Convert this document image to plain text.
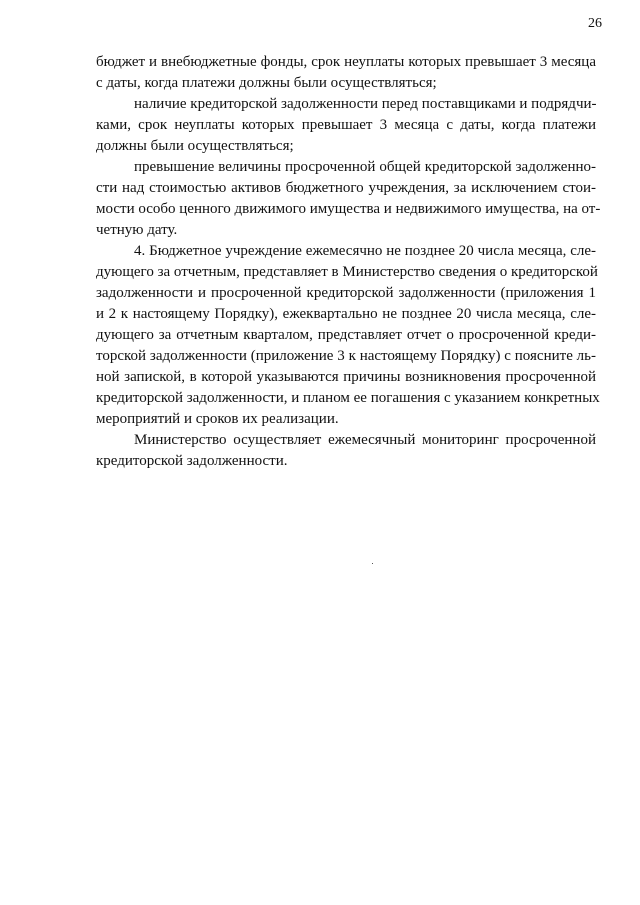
26
бюджет и внебюджетные фонды, срок неуплаты которых превышает 3 месяца
с даты, когда платежи должны были осуществляться;
наличие кредиторской задолженности перед поставщиками и подрядчи-
ками, срок неуплаты которых превышает 3 месяца с даты, когда платежи
должны были осуществляться;
превышение величины просроченной общей кредиторской задолженно-
сти над стоимостью активов бюджетного учреждения, за исключением стои-
мости особо ценного движимого имущества и недвижимого имущества, на от-
четную дату.
4. Бюджетное учреждение ежемесячно не позднее 20 числа месяца, сле-
дующего за отчетным, представляет в Министерство сведения о кредиторской
задолженности и просроченной кредиторской задолженности (приложения 1
и 2 к настоящему Порядку), ежеквартально не позднее 20 числа месяца, сле-
дующего за отчетным кварталом, представляет отчет о просроченной креди-
торской задолженности (приложение 3 к настоящему Порядку) с поясните ль-
ной запиской, в которой указываются причины возникновения просроченной
кредиторской задолженности, и планом ее погашения с указанием конкретных
мероприятий и сроков их реализации.
Министерство осуществляет ежемесячный мониторинг просроченной
кредиторской задолженности.
